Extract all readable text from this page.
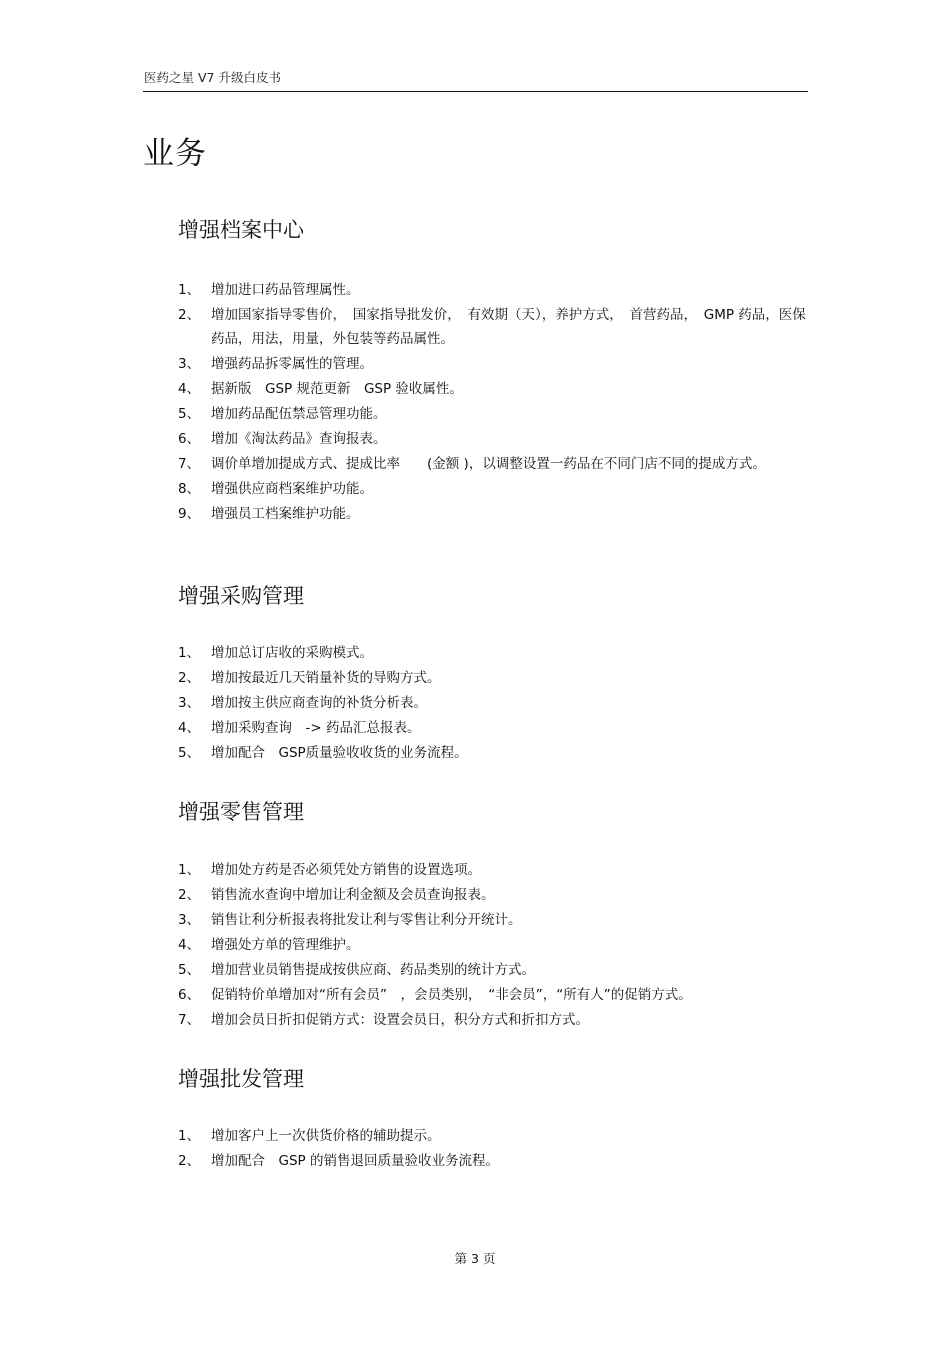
医药之星 V7 升级白皮书
业务
增强档案中心
1、 增加进口药品管理属性。
2、 增加国家指导零售价，　国家指导批发价，　有效期（天），养护方式，　首营药品，　GMP 药品，医保药品，用法，用量，外包装等药品属性。
3、 增强药品拆零属性的管理。
4、 据新版　GSP 规范更新　GSP 验收属性。
5、 增加药品配伍禁忌管理功能。
6、 增加《淘汰药品》查询报表。
7、 调价单增加提成方式、提成比率　　(金额 )，以调整设置一药品在不同门店不同的提成方式。
8、 增强供应商档案维护功能。
9、 增强员工档案维护功能。
增强采购管理
1、 增加总订店收的采购模式。
2、 增加按最近几天销量补货的导购方式。
3、 增加按主供应商查询的补货分析表。
4、 增加采购查询　-> 药品汇总报表。
5、 增加配合　GSP质量验收收货的业务流程。
增强零售管理
1、 增加处方药是否必须凭处方销售的设置选项。
2、 销售流水查询中增加让利金额及会员查询报表。
3、 销售让利分析报表将批发让利与零售让利分开统计。
4、 增强处方单的管理维护。
5、 增加营业员销售提成按供应商、药品类别的统计方式。
6、 促销特价单增加对“所有会员”　，会员类别，　“非会员”，“所有人”的促销方式。
7、 增加会员日折扣促销方式：设置会员日，积分方式和折扣方式。
增强批发管理
1、 增加客户上一次供货价格的辅助提示。
2、 增加配合　GSP 的销售退回质量验收业务流程。
第 3 页
